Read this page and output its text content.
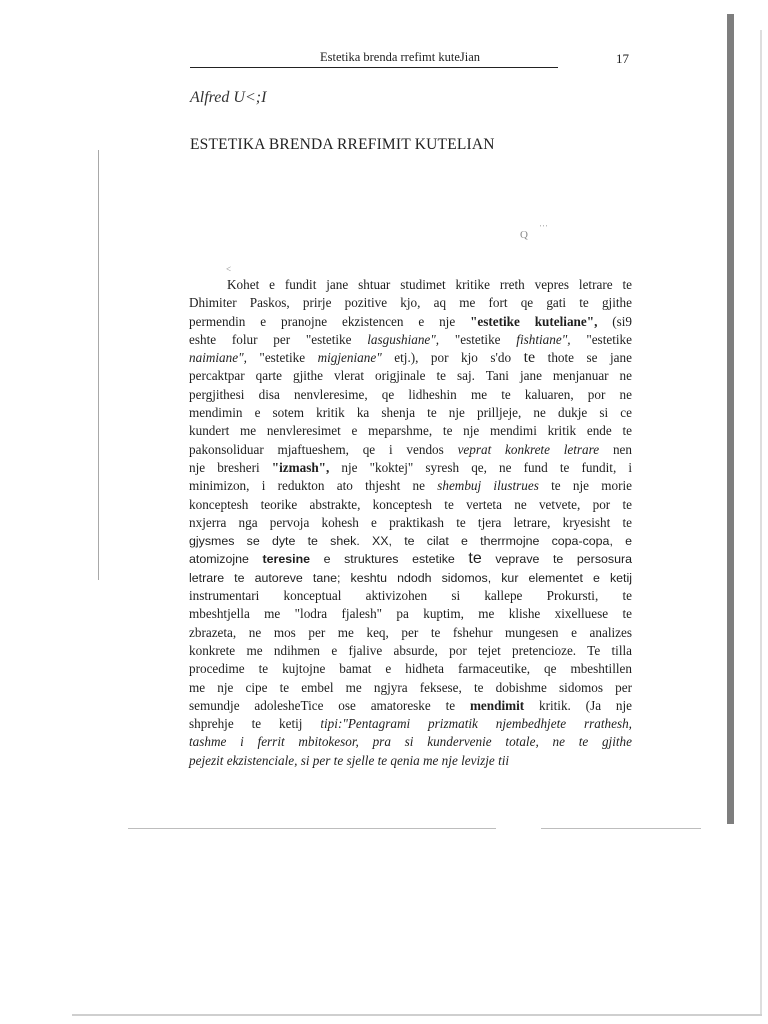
Estetika brenda rrefimt kuteJian	17
Alfred U<;I
ESTETIKA BRENDA RREFIMIT KUTELIAN
Q
' ' '
<
Kohet e fundit jane shtuar studimet kritike rreth vepres letrare te
Dhimiter Paskos, prirje pozitive kjo, aq me fort qe gati te gjithe
permendin e pranojne ekzistencen e nje "estetike kuteliane", (si9
eshte folur per "estetike lasgushiane", "estetike fishtiane", "estetike
naimiane", "estetike migjeniane" etj.), por kjo s'do te thote se jane
percaktpar qarte gjithe vlerat origjinale te saj. Tani jane menjanuar ne
pergjithesi disa nenvleresime, qe lidheshin me te kaluaren, por ne
mendimin e sotem kritik ka shenja te nje prilljeje, ne dukje si ce
kundert me nenvleresimet e meparshme, te nje mendimi kritik ende te
pakonsoliduar mjaftueshem, qe i vendos veprat konkrete letrare nen
nje bresheri "izmash", nje "koktej" syresh qe, ne fund te fundit, i
minimizon, i redukton ato thjesht ne shembuj ilustrues te nje morie
konceptesh teorike abstrakte, konceptesh te verteta ne vetvete, por te
nxjerra nga pervoja kohesh e praktikash te tjera letrare, kryesisht te
gjysmes se dyte te shek. XX, te cilat e therrmojne copa-copa, e
atomizojne teresine e struktures estetike te veprave te persosura
letrare te autoreve tane; keshtu ndodh sidomos, kur elementet e ketij
instrumentari konceptual aktivizohen si kallepe Prokursti, te
mbeshtjella me "lodra fjalesh" pa kuptim, me klishe xixelluese te
zbrazeta, ne mos per me keq, per te fshehur mungesen e analizes
konkrete me ndihmen e fjalive absurde, por tejet pretencioze. Te tilla
procedime te kujtojne bamat e hidheta farmaceutike, qe mbeshtillen
me nje cipe te embel me ngjyra feksese, te dobishme sidomos per
semundje adolesheTice ose amatoreske te mendimit kritik. (Ja nje
shprehje te ketij tipi:"Pentagrami prizmatik njembedhjete rrathesh,
tashme i ferrit mbitokesor, pra si kundervenie totale, ne te gjithe
pejezit ekzistenciale, si per te sjelle te qenia me nje levizje tii
